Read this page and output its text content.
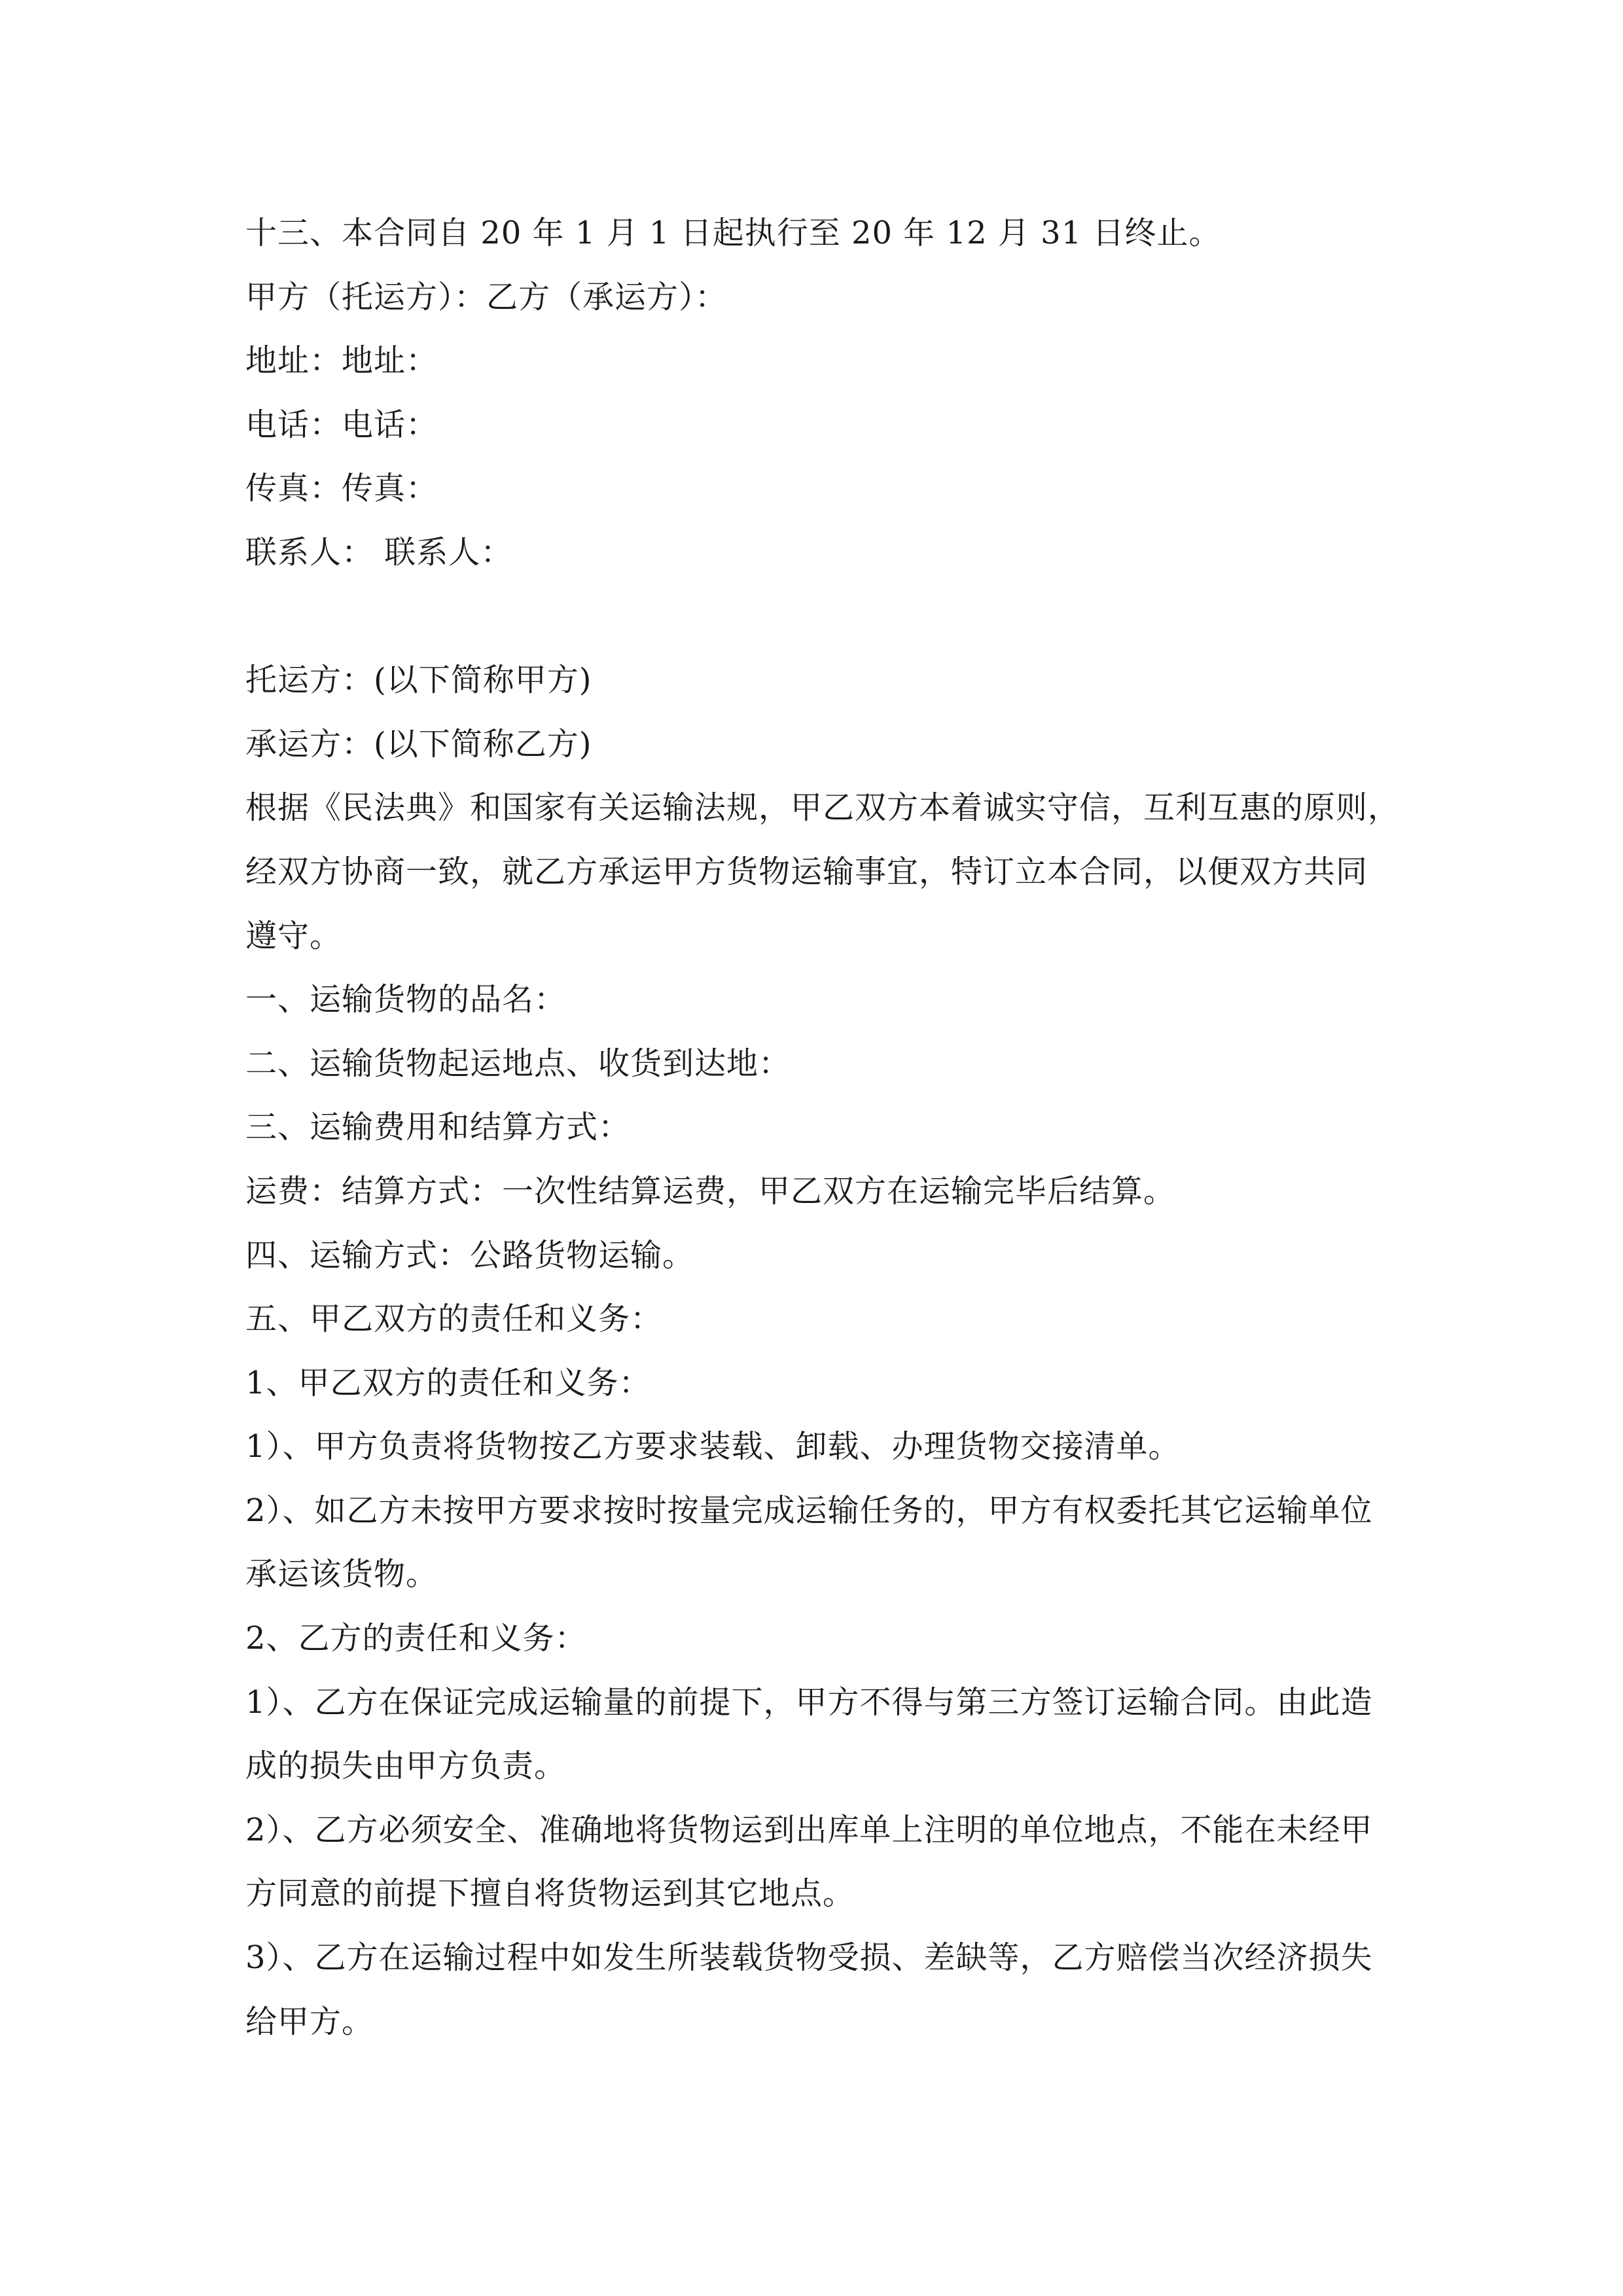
十三、本合同自 20 年 1 月 1 日起执行至 20 年 12 月 31 日终止。
甲方（托运方）：乙方（承运方）：
地址：地址：
电话：电话：
传真：传真：
联系人： 联系人：
托运方：(以下简称甲方)
承运方：(以下简称乙方)
根据《民法典》和国家有关运输法规，甲乙双方本着诚实守信，互利互惠的原则，
经双方协商一致，就乙方承运甲方货物运输事宜，特订立本合同，以便双方共同
遵守。
一、运输货物的品名：
二、运输货物起运地点、收货到达地：
三、运输费用和结算方式：
运费：结算方式：一次性结算运费，甲乙双方在运输完毕后结算。
四、运输方式：公路货物运输。
五、甲乙双方的责任和义务：
1、甲乙双方的责任和义务：
1）、甲方负责将货物按乙方要求装载、卸载、办理货物交接清单。
2）、如乙方未按甲方要求按时按量完成运输任务的，甲方有权委托其它运输单位
承运该货物。
2、乙方的责任和义务：
1）、乙方在保证完成运输量的前提下，甲方不得与第三方签订运输合同。由此造
成的损失由甲方负责。
2）、乙方必须安全、准确地将货物运到出库单上注明的单位地点，不能在未经甲
方同意的前提下擅自将货物运到其它地点。
3）、乙方在运输过程中如发生所装载货物受损、差缺等，乙方赔偿当次经济损失
给甲方。
